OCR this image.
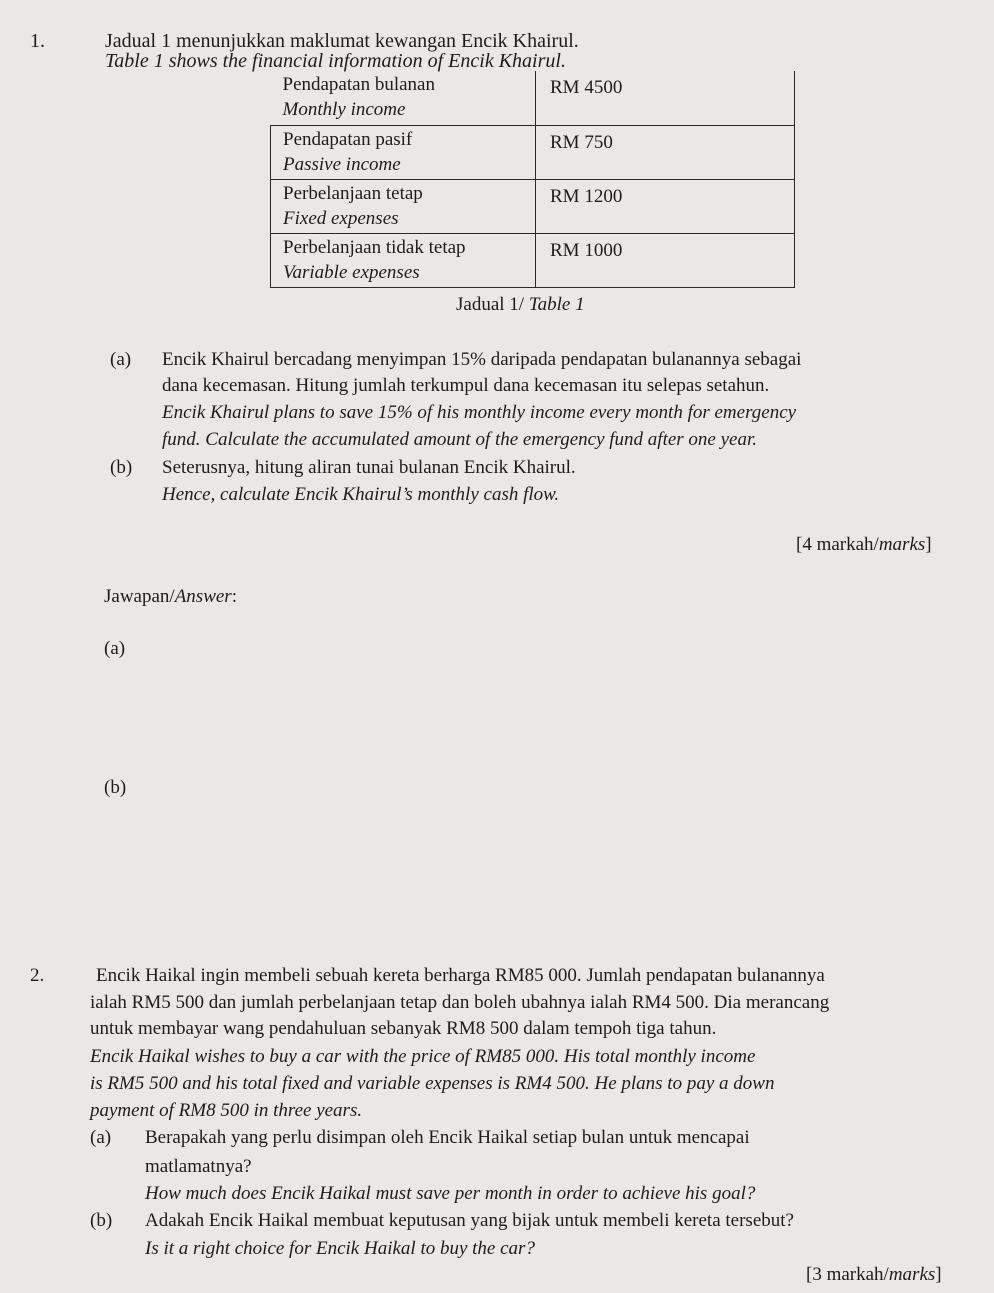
1.	Jadual 1 menunjukkan maklumat kewangan Encik Khairul.
Table 1 shows the financial information of Encik Khairul.
Pendapatan bulanan
Monthly income	RM 4500

Pendapatan pasif
Passive income	RM 750

Perbelanjaan tetap
Fixed expenses	RM 1200

Perbelanjaan tidak tetap
Variable expenses	RM 1000
Jadual 1/ Table 1
(a) Encik Khairul bercadang menyimpan 15% daripada pendapatan bulanannya sebagai
dana kecemasan. Hitung jumlah terkumpul dana kecemasan itu selepas setahun.
Encik Khairul plans to save 15% of his monthly income every month for emergency
fund. Calculate the accumulated amount of the emergency fund after one year.
(b) Seterusnya, hitung aliran tunai bulanan Encik Khairul.
Hence, calculate Encik Khairul’s monthly cash flow.
[4 markah/marks]
Jawapan/Answer:
(a)
(b)
2.	Encik Haikal ingin membeli sebuah kereta berharga RM85 000. Jumlah pendapatan bulanannya
ialah RM5 500 dan jumlah perbelanjaan tetap dan boleh ubahnya ialah RM4 500. Dia merancang
untuk membayar wang pendahuluan sebanyak RM8 500 dalam tempoh tiga tahun.
Encik Haikal wishes to buy a car with the price of RM85 000. His total monthly income
is RM5 500 and his total fixed and variable expenses is RM4 500. He plans to pay a down
payment of RM8 500 in three years.
(a) Berapakah yang perlu disimpan oleh Encik Haikal setiap bulan untuk mencapai
matlamatnya?
How much does Encik Haikal must save per month in order to achieve his goal?
(b) Adakah Encik Haikal membuat keputusan yang bijak untuk membeli kereta tersebut?
Is it a right choice for Encik Haikal to buy the car?
[3 markah/marks]
